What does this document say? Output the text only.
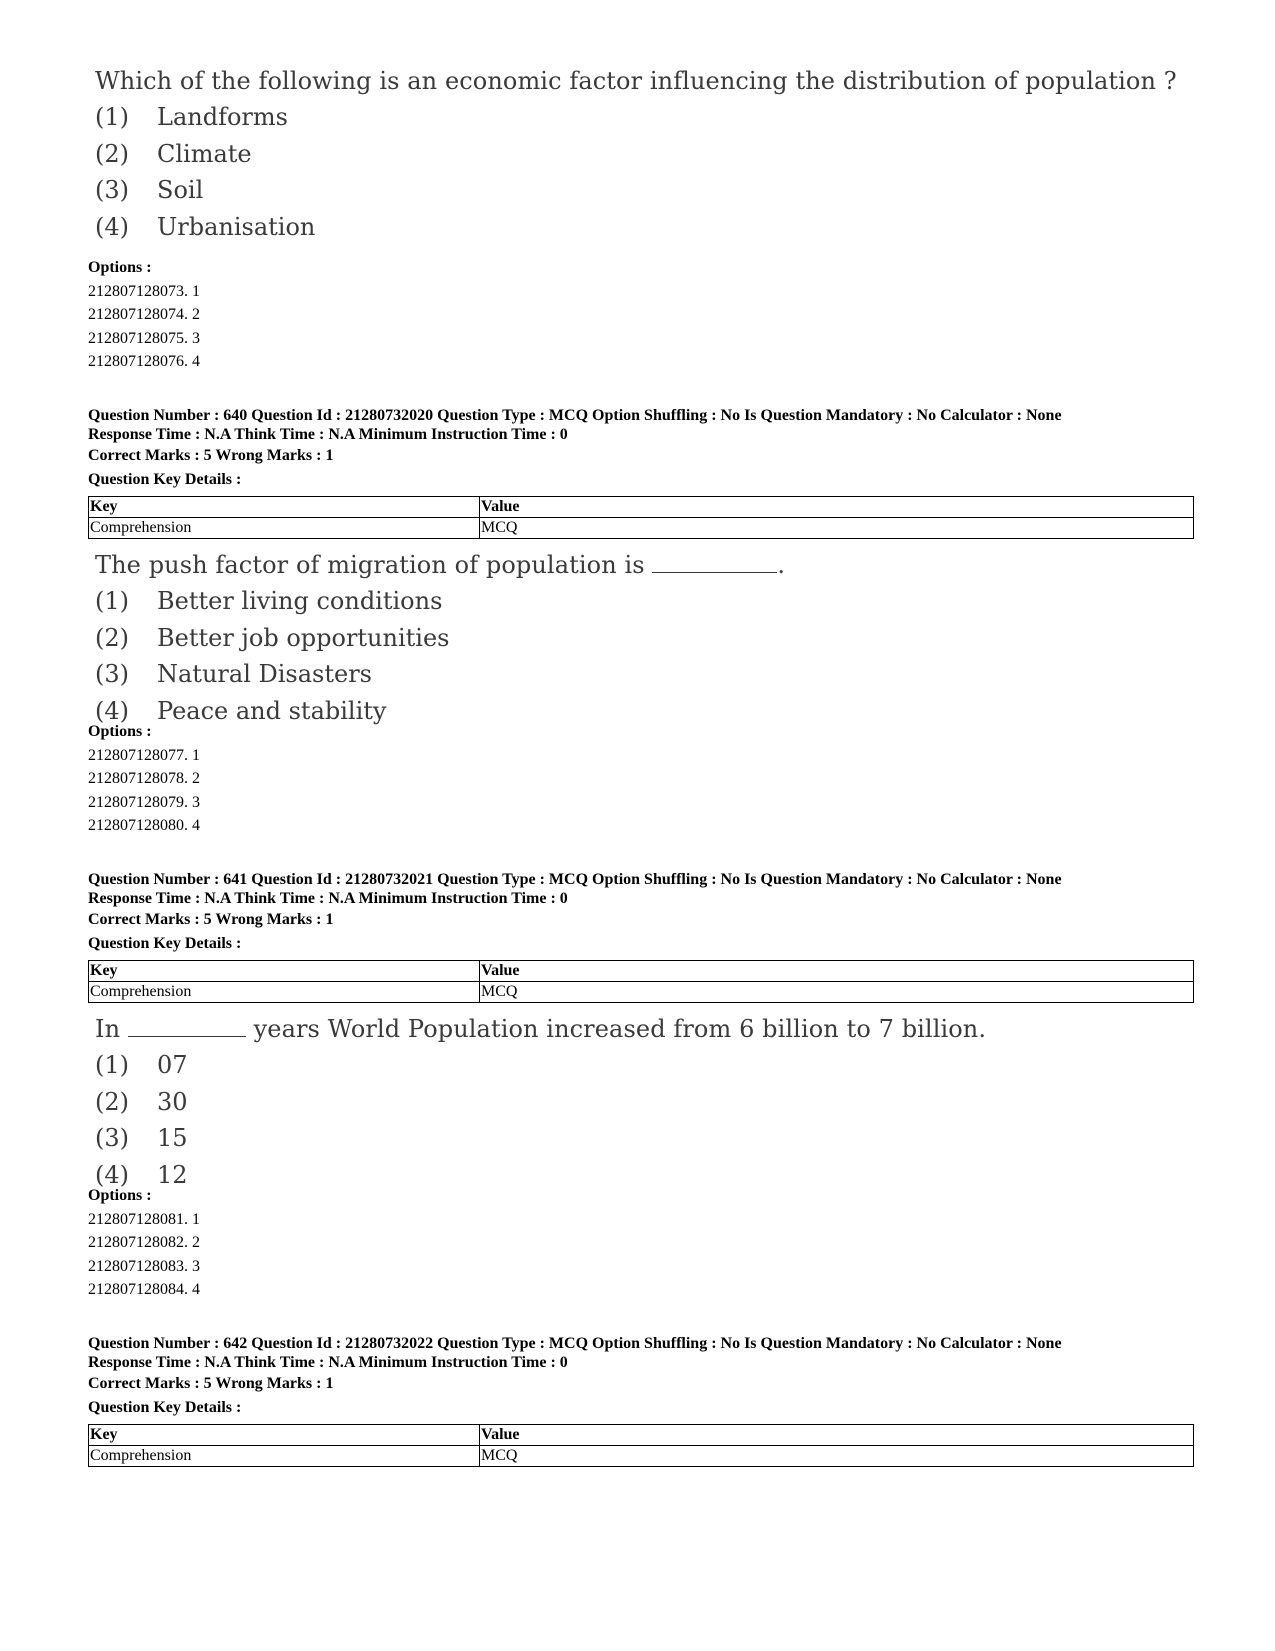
Which of the following is an economic factor influencing the distribution of population ?
(1) Landforms
(2) Climate
(3) Soil
(4) Urbanisation
Options :
212807128073. 1
212807128074. 2
212807128075. 3
212807128076. 4
Question Number : 640 Question Id : 21280732020 Question Type : MCQ Option Shuffling : No Is Question Mandatory : No Calculator : None
Response Time : N.A Think Time : N.A Minimum Instruction Time : 0
Correct Marks : 5 Wrong Marks : 1
Question Key Details :
Key	Value
Comprehension	MCQ
The push factor of migration of population is	.
(1) Better living conditions
(2) Better job opportunities
(3) Natural Disasters
(4) Peace and stability
Options :
212807128077. 1
212807128078. 2
212807128079. 3
212807128080. 4
Question Number : 641 Question Id : 21280732021 Question Type : MCQ Option Shuffling : No Is Question Mandatory : No Calculator : None
Response Time : N.A Think Time : N.A Minimum Instruction Time : 0
Correct Marks : 5 Wrong Marks : 1
Question Key Details :
Key	Value
Comprehension	MCQ
In	years World Population increased from 6 billion to 7 billion.
(1) 07
(2) 30
(3) 15
(4) 12
Options :
212807128081. 1
212807128082. 2
212807128083. 3
212807128084. 4
Question Number : 642 Question Id : 21280732022 Question Type : MCQ Option Shuffling : No Is Question Mandatory : No Calculator : None
Response Time : N.A Think Time : N.A Minimum Instruction Time : 0
Correct Marks : 5 Wrong Marks : 1
Question Key Details :
Key	Value
Comprehension	MCQ
